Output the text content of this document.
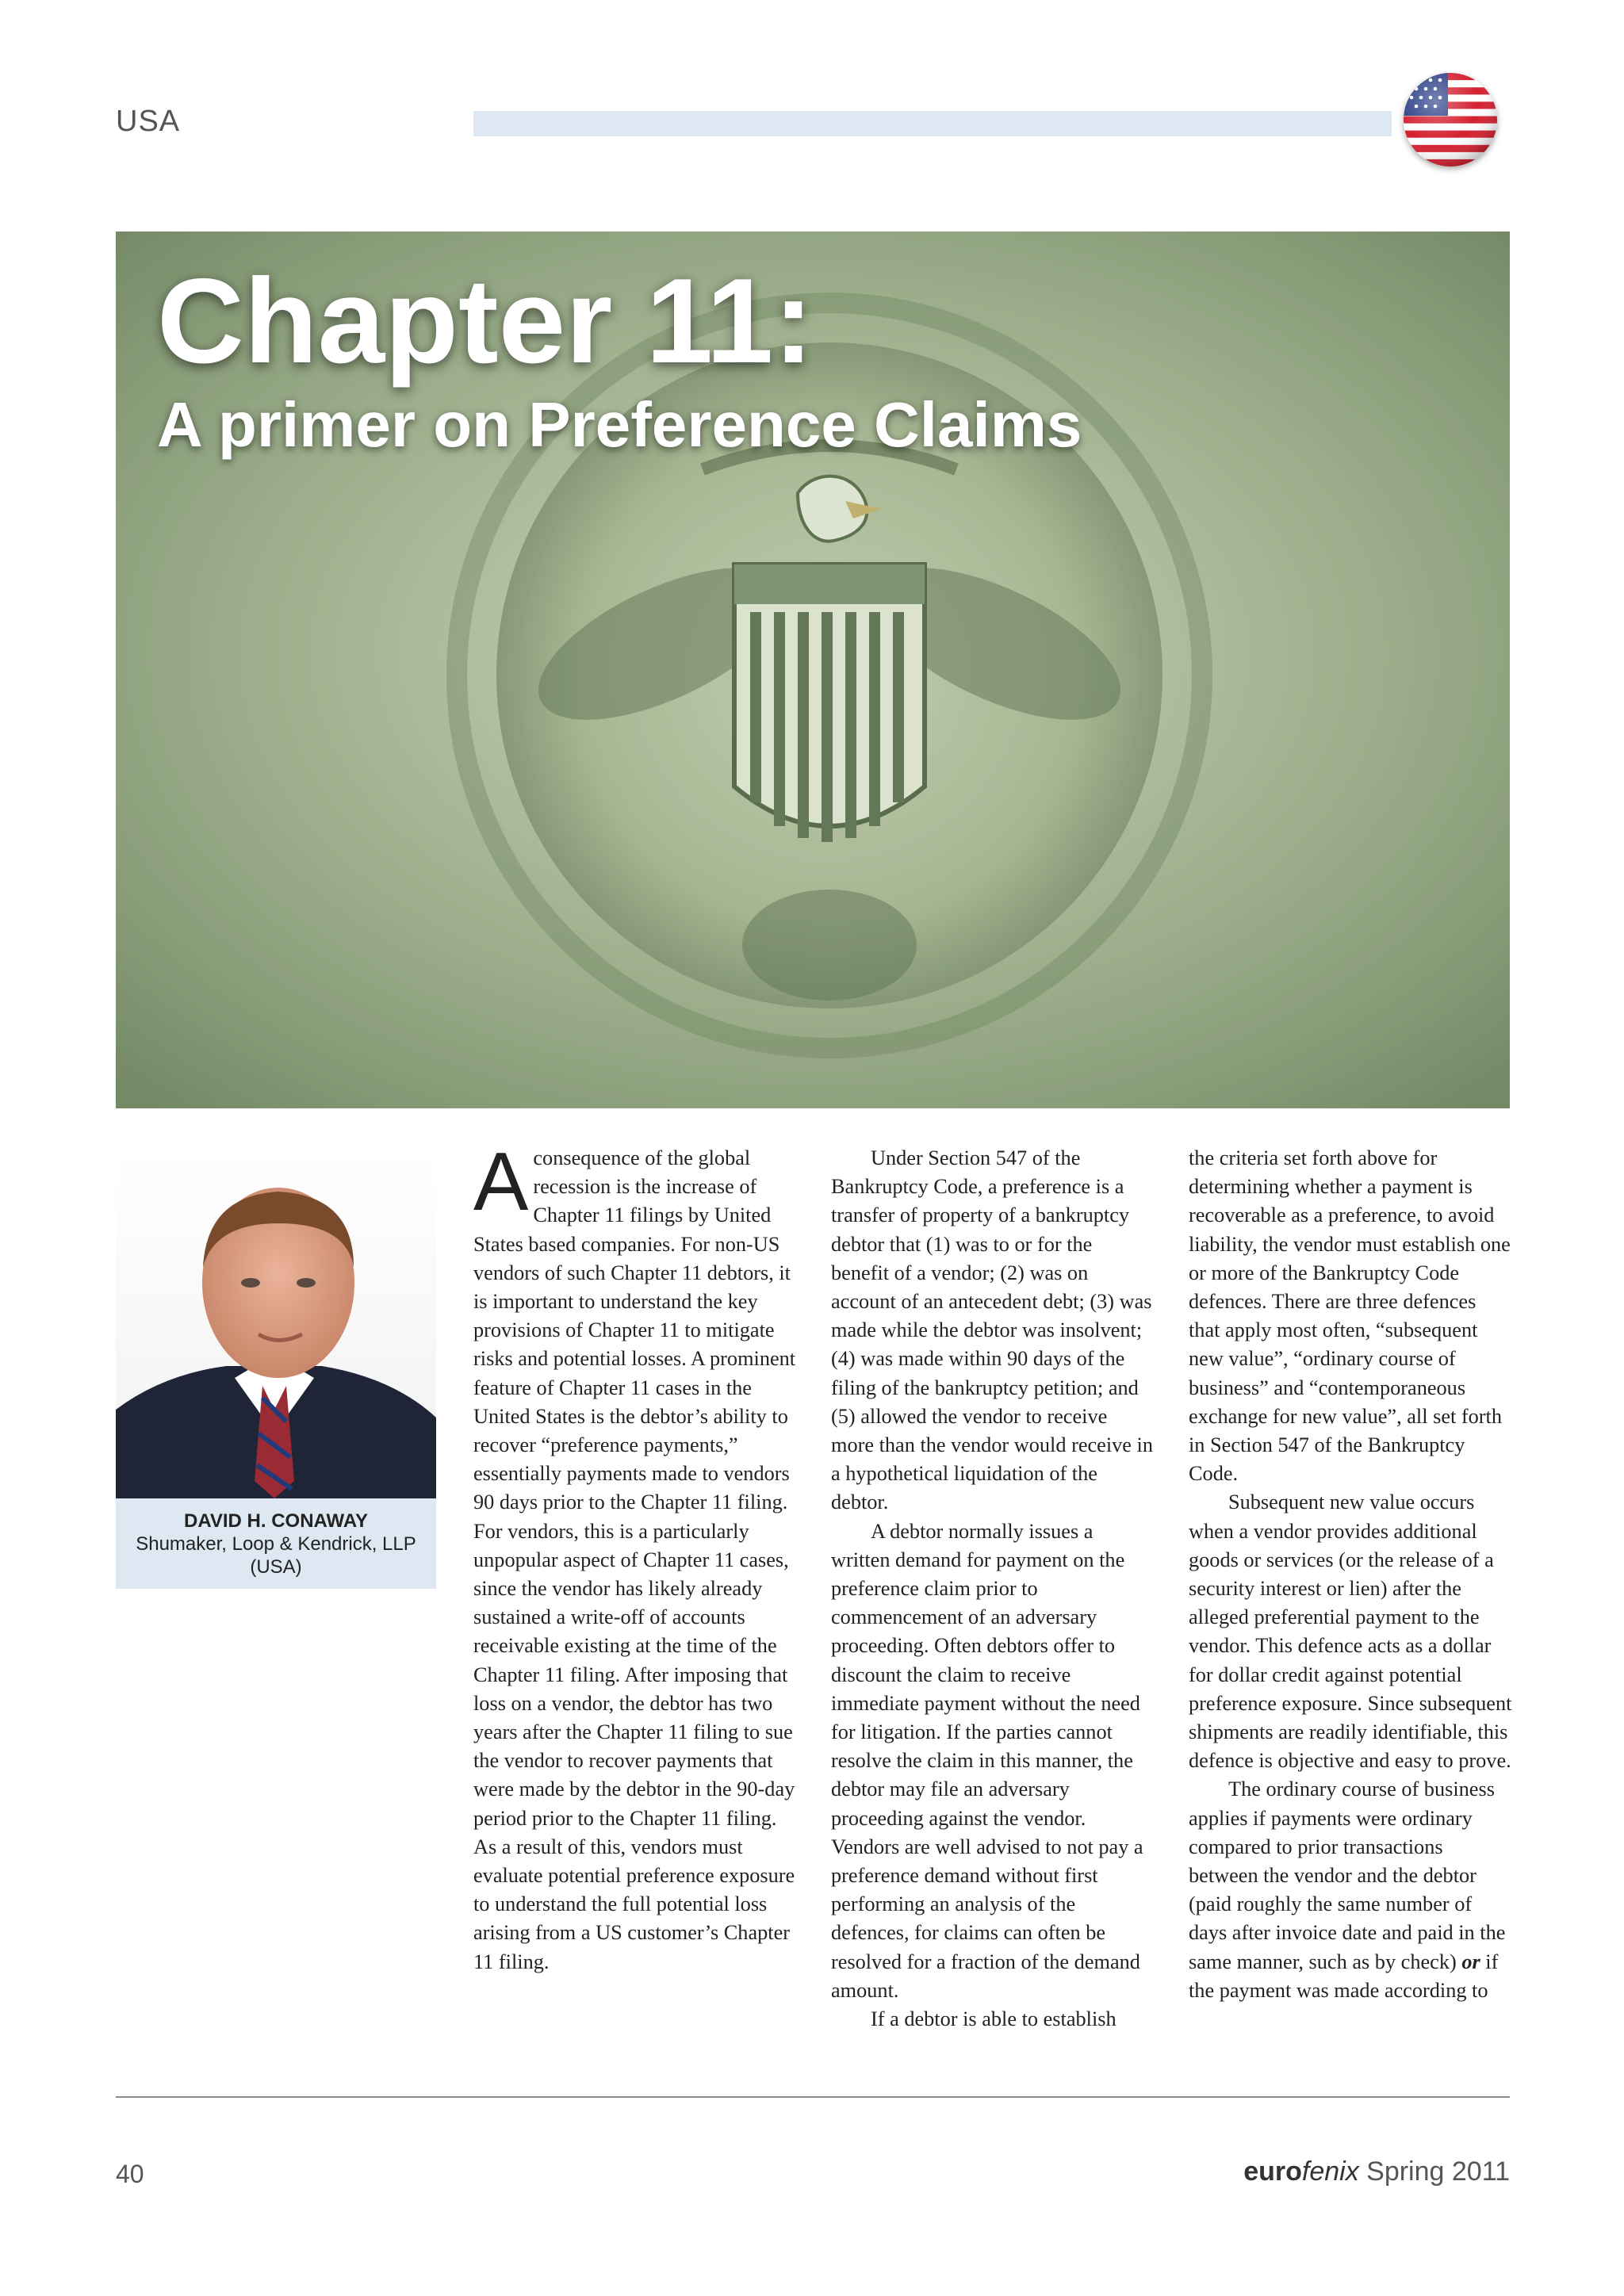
USA
Chapter 11:
A primer on Preference Claims
DAVID H. CONAWAY
Shumaker, Loop & Kendrick, LLP (USA)

A consequence of the global recession is the increase of Chapter 11 filings by United States based companies. For non-US vendors of such Chapter 11 debtors, it is important to understand the key provisions of Chapter 11 to mitigate risks and potential losses. A prominent feature of Chapter 11 cases in the United States is the debtor’s ability to recover “preference payments,” essentially payments made to vendors 90 days prior to the Chapter 11 filing. For vendors, this is a particularly unpopular aspect of Chapter 11 cases, since the vendor has likely already sustained a write-off of accounts receivable existing at the time of the Chapter 11 filing. After imposing that loss on a vendor, the debtor has two years after the Chapter 11 filing to sue the vendor to recover payments that were made by the debtor in the 90-day period prior to the Chapter 11 filing. As a result of this, vendors must evaluate potential preference exposure to understand the full potential loss arising from a US customer’s Chapter 11 filing.

Under Section 547 of the Bankruptcy Code, a preference is a transfer of property of a bankruptcy debtor that (1) was to or for the benefit of a vendor; (2) was on account of an antecedent debt; (3) was made while the debtor was insolvent; (4) was made within 90 days of the filing of the bankruptcy petition; and (5) allowed the vendor to receive more than the vendor would receive in a hypothetical liquidation of the debtor.

A debtor normally issues a written demand for payment on the preference claim prior to commencement of an adversary proceeding. Often debtors offer to discount the claim to receive immediate payment without the need for litigation. If the parties cannot resolve the claim in this manner, the debtor may file an adversary proceeding against the vendor. Vendors are well advised to not pay a preference demand without first performing an analysis of the defences, for claims can often be resolved for a fraction of the demand amount.

If a debtor is able to establish

the criteria set forth above for determining whether a payment is recoverable as a preference, to avoid liability, the vendor must establish one or more of the Bankruptcy Code defences. There are three defences that apply most often, “subsequent new value”, “ordinary course of business” and “contemporaneous exchange for new value”, all set forth in Section 547 of the Bankruptcy Code.

Subsequent new value occurs when a vendor provides additional goods or services (or the release of a security interest or lien) after the alleged preferential payment to the vendor. This defence acts as a dollar for dollar credit against potential preference exposure. Since subsequent shipments are readily identifiable, this defence is objective and easy to prove.

The ordinary course of business applies if payments were ordinary compared to prior transactions between the vendor and the debtor (paid roughly the same number of days after invoice date and paid in the same manner, such as by check) or if the payment was made according to

40	eurofenix Spring 2011
